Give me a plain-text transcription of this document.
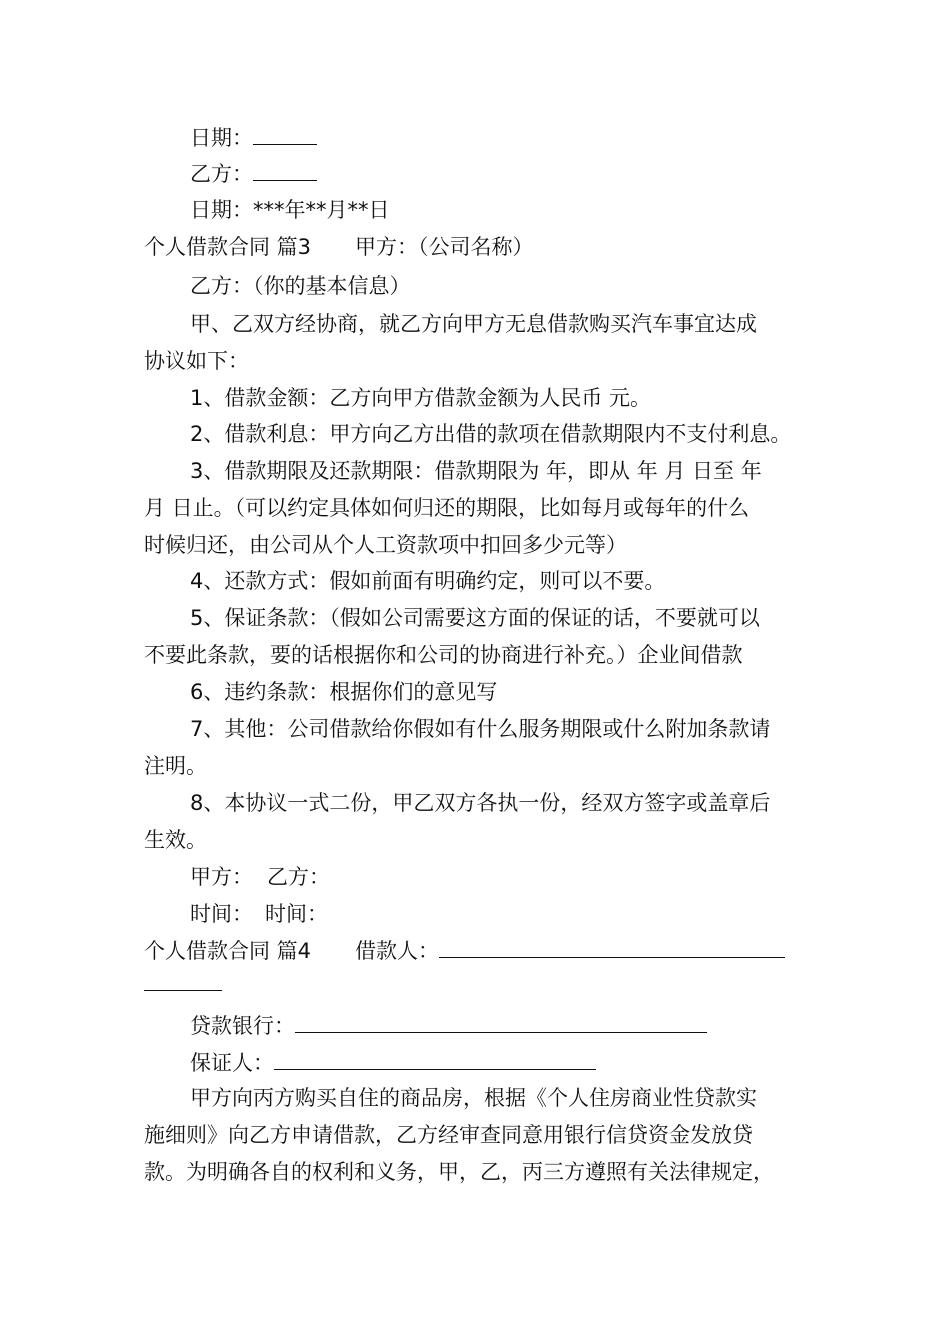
日期：
乙方：
日期：***年**月**日
个人借款合同 篇3 甲方：（公司名称）
乙方：（你的基本信息）
甲、乙双方经协商，就乙方向甲方无息借款购买汽车事宜达成
协议如下：
1、借款金额：乙方向甲方借款金额为人民币 元。
2、借款利息：甲方向乙方出借的款项在借款期限内不支付利息。
3、借款期限及还款期限：借款期限为 年，即从 年 月 日至 年
月 日止。（可以约定具体如何归还的期限，比如每月或每年的什么
时候归还，由公司从个人工资款项中扣回多少元等）
4、还款方式：假如前面有明确约定，则可以不要。
5、保证条款：（假如公司需要这方面的保证的话，不要就可以
不要此条款，要的话根据你和公司的协商进行补充。）企业间借款
6、违约条款：根据你们的意见写
7、其他：公司借款给你假如有什么服务期限或什么附加条款请
注明。
8、本协议一式二份，甲乙双方各执一份，经双方签字或盖章后
生效。
甲方： 乙方：
时间： 时间：
个人借款合同 篇4 借款人：
贷款银行：
保证人：
甲方向丙方购买自住的商品房，根据《个人住房商业性贷款实
施细则》向乙方申请借款，乙方经审查同意用银行信贷资金发放贷
款。为明确各自的权利和义务，甲，乙，丙三方遵照有关法律规定，
